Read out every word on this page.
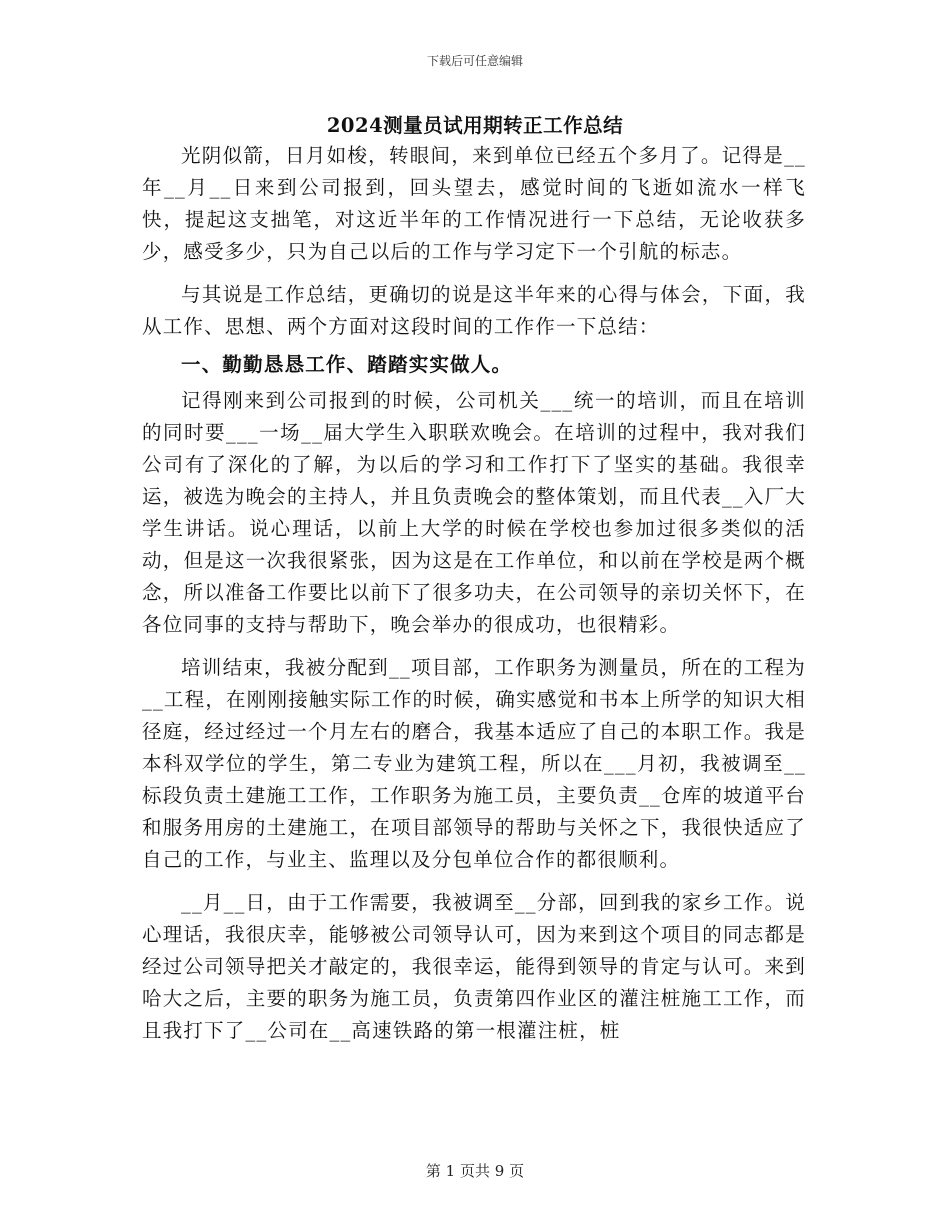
下载后可任意编辑
2024测量员试用期转正工作总结

光阴似箭，日月如梭，转眼间，来到单位已经五个多月了。记得是__年__月__日来到公司报到，回头望去，感觉时间的飞逝如流水一样飞快，提起这支拙笔，对这近半年的工作情况进行一下总结，无论收获多少，感受多少，只为自己以后的工作与学习定下一个引航的标志。

与其说是工作总结，更确切的说是这半年来的心得与体会，下面，我从工作、思想、两个方面对这段时间的工作作一下总结：

一、勤勤恳恳工作、踏踏实实做人。

记得刚来到公司报到的时候，公司机关___统一的培训，而且在培训的同时要___一场__届大学生入职联欢晚会。在培训的过程中，我对我们公司有了深化的了解，为以后的学习和工作打下了坚实的基础。我很幸运，被选为晚会的主持人，并且负责晚会的整体策划，而且代表__入厂大学生讲话。说心理话，以前上大学的时候在学校也参加过很多类似的活动，但是这一次我很紧张，因为这是在工作单位，和以前在学校是两个概念，所以准备工作要比以前下了很多功夫，在公司领导的亲切关怀下，在各位同事的支持与帮助下，晚会举办的很成功，也很精彩。

培训结束，我被分配到__项目部，工作职务为测量员，所在的工程为__工程，在刚刚接触实际工作的时候，确实感觉和书本上所学的知识大相径庭，经过经过一个月左右的磨合，我基本适应了自己的本职工作。我是本科双学位的学生，第二专业为建筑工程，所以在___月初，我被调至__标段负责土建施工工作，工作职务为施工员，主要负责__仓库的坡道平台和服务用房的土建施工，在项目部领导的帮助与关怀之下，我很快适应了自己的工作，与业主、监理以及分包单位合作的都很顺利。

__月__日，由于工作需要，我被调至__分部，回到我的家乡工作。说心理话，我很庆幸，能够被公司领导认可，因为来到这个项目的同志都是经过公司领导把关才敲定的，我很幸运，能得到领导的肯定与认可。来到哈大之后，主要的职务为施工员，负责第四作业区的灌注桩施工工作，而且我打下了__公司在__高速铁路的第一根灌注桩，桩

第 1 页共 9 页
